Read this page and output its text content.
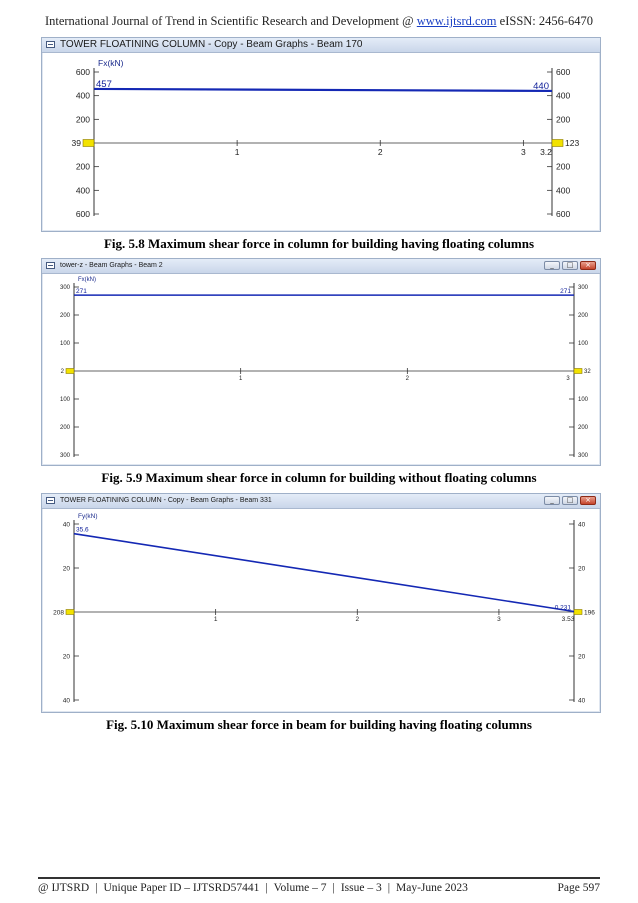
International Journal of Trend in Scientific Research and Development @ www.ijtsrd.com eISSN: 2456-6470
TOWER FLOATINING COLUMN - Copy - Beam Graphs - Beam 170
Fx(kN)
600	600
400	400
200	200
39	123
200	200
400	400
600	600
1	2	3 3.2
457	440
Fig. 5.8 Maximum shear force in column for building having floating columns
tower-z - Beam Graphs - Beam 2	_ □ ×
Fx(kN)
300	300
200	200
100	100
2	32
100	100
200	200
300	300
1	2	3
271	271
Fig. 5.9 Maximum shear force in column for building without floating columns
TOWER FLOATINING COLUMN - Copy - Beam Graphs - Beam 331	_ □ ×
Fy(kN)
40	40
20	20
208	196
20	20
40	40
1	2	3	3.53
35.6
0.231
Fig. 5.10 Maximum shear force in beam for building having floating columns
@ IJTSRD | Unique Paper ID – IJTSRD57441 | Volume – 7 | Issue – 3 | May-June 2023	Page 597
